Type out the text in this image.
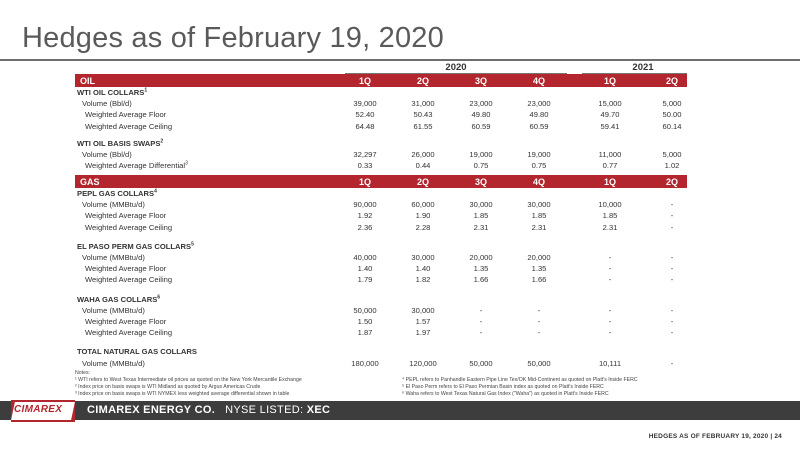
Hedges as of February 19, 2020
2020	2021
OIL	1Q	2Q	3Q	4Q	1Q	2Q
WTI OIL COLLARS$^1$
Volume (Bbl/d)	39,000	31,000	23,000	23,000	15,000	5,000
Weighted Average Floor	52.40	50.43	49.80	49.80	49.70	50.00
Weighted Average Ceiling	64.48	61.55	60.59	60.59	59.41	60.14
WTI OIL BASIS SWAPS$^2$
Volume (Bbl/d)	32,297	26,000	19,000	19,000	11,000	5,000
Weighted Average Differential$^3$	0.33	0.44	0.75	0.75	0.77	1.02
GAS	1Q	2Q	3Q	4Q	1Q	2Q
PEPL GAS COLLARS$^4$
Volume (MMBtu/d)	90,000	60,000	30,000	30,000	10,000	-
Weighted Average Floor	1.92	1.90	1.85	1.85	1.85	-
Weighted Average Ceiling	2.36	2.28	2.31	2.31	2.31	-
EL PASO PERM GAS COLLARS$^5$
Volume (MMBtu/d)	40,000	30,000	20,000	20,000	-	-
Weighted Average Floor	1.40	1.40	1.35	1.35	-	-
Weighted Average Ceiling	1.79	1.82	1.66	1.66	-	-
WAHA GAS COLLARS$^6$
Volume (MMBtu/d)	50,000	30,000	-	-	-	-
Weighted Average Floor	1.50	1.57	-	-	-	-
Weighted Average Ceiling	1.87	1.97	-	-	-	-
TOTAL NATURAL GAS COLLARS
Volume (MMBtu/d)	180,000	120,000	50,000	50,000	10,111	-
Notes:
¹ WTI refers to West Texas Intermediate oil prices as quoted on the New York Mercantile Exchange
² Index price on basis swaps is WTI Midland as quoted by Argus Americas Crude
³ Index price on basis swaps is WTI NYMEX less weighted average differential shown in table

⁴ PEPL refers to Panhandle Eastern Pipe Line Tex/OK Mid-Continent as quoted on Platt's Inside FERC
⁵ El Paso Perm refers to El Paso Permian Basin index as quoted on Platt's Inside FERC
⁶ Waha refers to West Texas Natural Gas Index ("Waha") as quoted in Platt's Inside FERC
CIMAREX CIMAREX ENERGY CO. NYSE LISTED: XEC
HEDGES AS OF FEBRUARY 19, 2020 | 24
